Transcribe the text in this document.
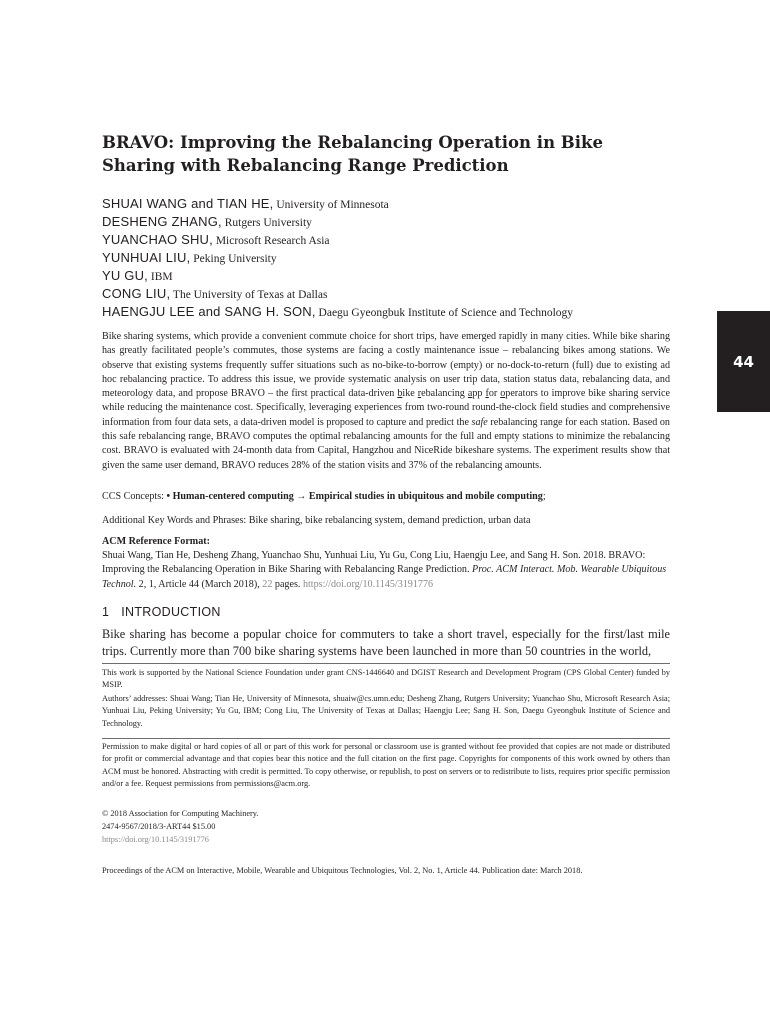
BRAVO: Improving the Rebalancing Operation in Bike Sharing with Rebalancing Range Prediction
SHUAI WANG and TIAN HE, University of Minnesota
DESHENG ZHANG, Rutgers University
YUANCHAO SHU, Microsoft Research Asia
YUNHUAI LIU, Peking University
YU GU, IBM
CONG LIU, The University of Texas at Dallas
HAENGJU LEE and SANG H. SON, Daegu Gyeongbuk Institute of Science and Technology

Bike sharing systems, which provide a convenient commute choice for short trips, have emerged rapidly in many cities. While bike sharing has greatly facilitated people’s commutes, those systems are facing a costly maintenance issue – rebalancing bikes among stations. We observe that existing systems frequently suffer situations such as no-bike-to-borrow (empty) or no-dock-to-return (full) due to existing ad hoc rebalancing practice. To address this issue, we provide systematic analysis on user trip data, station status data, rebalancing data, and meteorology data, and propose BRAVO – the first practical data-driven bike rebalancing app for operators to improve bike sharing service while reducing the maintenance cost. Specifically, leveraging experiences from two-round round-the-clock field studies and comprehensive information from four data sets, a data-driven model is proposed to capture and predict the safe rebalancing range for each station. Based on this safe rebalancing range, BRAVO computes the optimal rebalancing amounts for the full and empty stations to minimize the rebalancing cost. BRAVO is evaluated with 24-month data from Capital, Hangzhou and NiceRide bikeshare systems. The experiment results show that given the same user demand, BRAVO reduces 28% of the station visits and 37% of the rebalancing amounts.

CCS Concepts: • Human-centered computing → Empirical studies in ubiquitous and mobile computing;
Additional Key Words and Phrases: Bike sharing, bike rebalancing system, demand prediction, urban data
ACM Reference Format:

Shuai Wang, Tian He, Desheng Zhang, Yuanchao Shu, Yunhuai Liu, Yu Gu, Cong Liu, Haengju Lee, and Sang H. Son. 2018. BRAVO: Improving the Rebalancing Operation in Bike Sharing with Rebalancing Range Prediction. Proc. ACM Interact. Mob. Wearable Ubiquitous Technol. 2, 1, Article 44 (March 2018), 22 pages. https://doi.org/10.1145/3191776

1 INTRODUCTION

Bike sharing has become a popular choice for commuters to take a short travel, especially for the first/last mile trips. Currently more than 700 bike sharing systems have been launched in more than 50 countries in the world,

This work is supported by the National Science Foundation under grant CNS-1446640 and DGIST Research and Development Program (CPS Global Center) funded by MSIP.

Authors’ addresses: Shuai Wang; Tian He, University of Minnesota, shuaiw@cs.umn.edu; Desheng Zhang, Rutgers University; Yuanchao Shu, Microsoft Research Asia; Yunhuai Liu, Peking University; Yu Gu, IBM; Cong Liu, The University of Texas at Dallas; Haengju Lee; Sang H. Son, Daegu Gyeongbuk Institute of Science and Technology.

Permission to make digital or hard copies of all or part of this work for personal or classroom use is granted without fee provided that copies are not made or distributed for profit or commercial advantage and that copies bear this notice and the full citation on the first page. Copyrights for components of this work owned by others than ACM must be honored. Abstracting with credit is permitted. To copy otherwise, or republish, to post on servers or to redistribute to lists, requires prior specific permission and/or a fee. Request permissions from permissions@acm.org.

© 2018 Association for Computing Machinery.

2474-9567/2018/3-ART44 $15.00

https://doi.org/10.1145/3191776

Proceedings of the ACM on Interactive, Mobile, Wearable and Ubiquitous Technologies, Vol. 2, No. 1, Article 44. Publication date: March 2018.
44
